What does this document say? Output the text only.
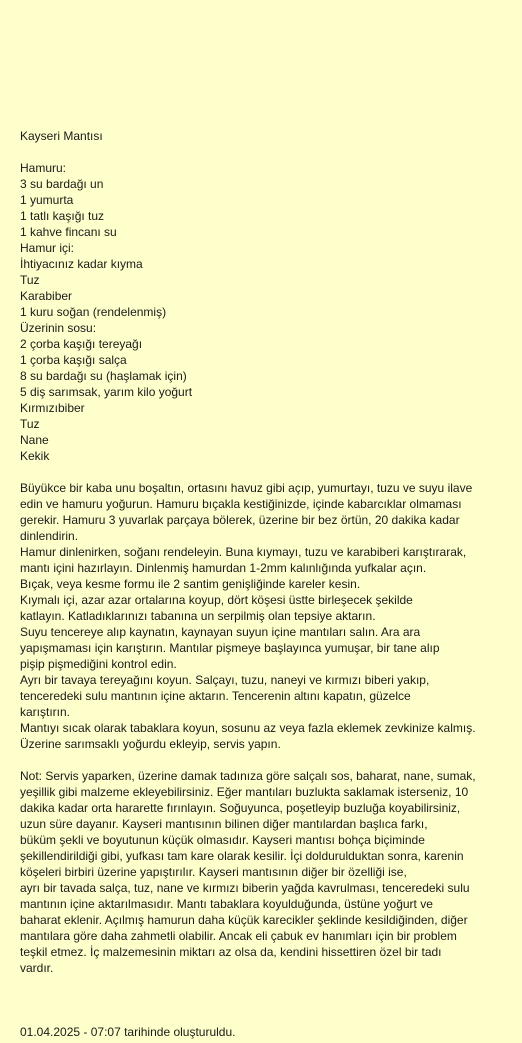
Kayseri Mantısı
Hamuru:
3 su bardağı un
1 yumurta
1 tatlı kaşığı tuz
1 kahve fincanı su
Hamur içi:
İhtiyacınız kadar kıyma
Tuz
Karabiber
1 kuru soğan (rendelenmiş)
Üzerinin sosu:
2 çorba kaşığı tereyağı
1 çorba kaşığı salça
8 su bardağı su (haşlamak için)
5 diş sarımsak, yarım kilo yoğurt
Kırmızıbiber
Tuz
Nane
Kekik
Büyükce bir kaba unu boşaltın, ortasını havuz gibi açıp, yumurtayı, tuzu ve suyu ilave
edin ve hamuru yoğurun. Hamuru bıçakla kestiğinizde, içinde kabarcıklar olmaması
gerekir. Hamuru 3 yuvarlak parçaya bölerek, üzerine bir bez örtün, 20 dakika kadar
dinlendirin.
Hamur dinlenirken, soğanı rendeleyin. Buna kıymayı, tuzu ve karabiberi karıştırarak,
mantı içini hazırlayın. Dinlenmiş hamurdan 1-2mm kalınlığında yufkalar açın.
Bıçak, veya kesme formu ile 2 santim genişliğinde kareler kesin.
Kıymalı içi, azar azar ortalarına koyup, dört köşesi üstte birleşecek şekilde
katlayın. Katladıklarınızı tabanına un serpilmiş olan tepsiye aktarın.
Suyu tencereye alıp kaynatın, kaynayan suyun içine mantıları salın. Ara ara
yapışmaması için karıştırın. Mantılar pişmeye başlayınca yumuşar, bir tane alıp
pişip pişmediğini kontrol edin.
Ayrı bir tavaya tereyağını koyun. Salçayı, tuzu, naneyi ve kırmızı biberi yakıp,
tenceredeki sulu mantının içine aktarın. Tencerenin altını kapatın, güzelce
karıştırın.
Mantıyı sıcak olarak tabaklara koyun, sosunu az veya fazla eklemek zevkinize kalmış.
Üzerine sarımsaklı yoğurdu ekleyip, servis yapın.
Not: Servis yaparken, üzerine damak tadınıza göre salçalı sos, baharat, nane, sumak,
yeşillik gibi malzeme ekleyebilirsiniz. Eğer mantıları buzlukta saklamak isterseniz, 10
dakika kadar orta hararette fırınlayın. Soğuyunca, poşetleyip buzluğa koyabilirsiniz,
uzun süre dayanır. Kayseri mantısının bilinen diğer mantılardan başlıca farkı,
büküm şekli ve boyutunun küçük olmasıdır. Kayseri mantısı bohça biçiminde
şekillendirildiği gibi, yufkası tam kare olarak kesilir. İçi doldurulduktan sonra, karenin
köşeleri birbiri üzerine yapıştırılır. Kayseri mantısının diğer bir özelliği ise,
ayrı bir tavada salça, tuz, nane ve kırmızı biberin yağda kavrulması, tenceredeki sulu
mantının içine aktarılmasıdır. Mantı tabaklara koyulduğunda, üstüne yoğurt ve
baharat eklenir. Açılmış hamurun daha küçük karecikler şeklinde kesildiğinden, diğer
mantılara göre daha zahmetli olabilir. Ancak eli çabuk ev hanımları için bir problem
teşkil etmez. İç malzemesinin miktarı az olsa da, kendini hissettiren özel bir tadı
vardır.
01.04.2025 - 07:07 tarihinde oluşturuldu.
